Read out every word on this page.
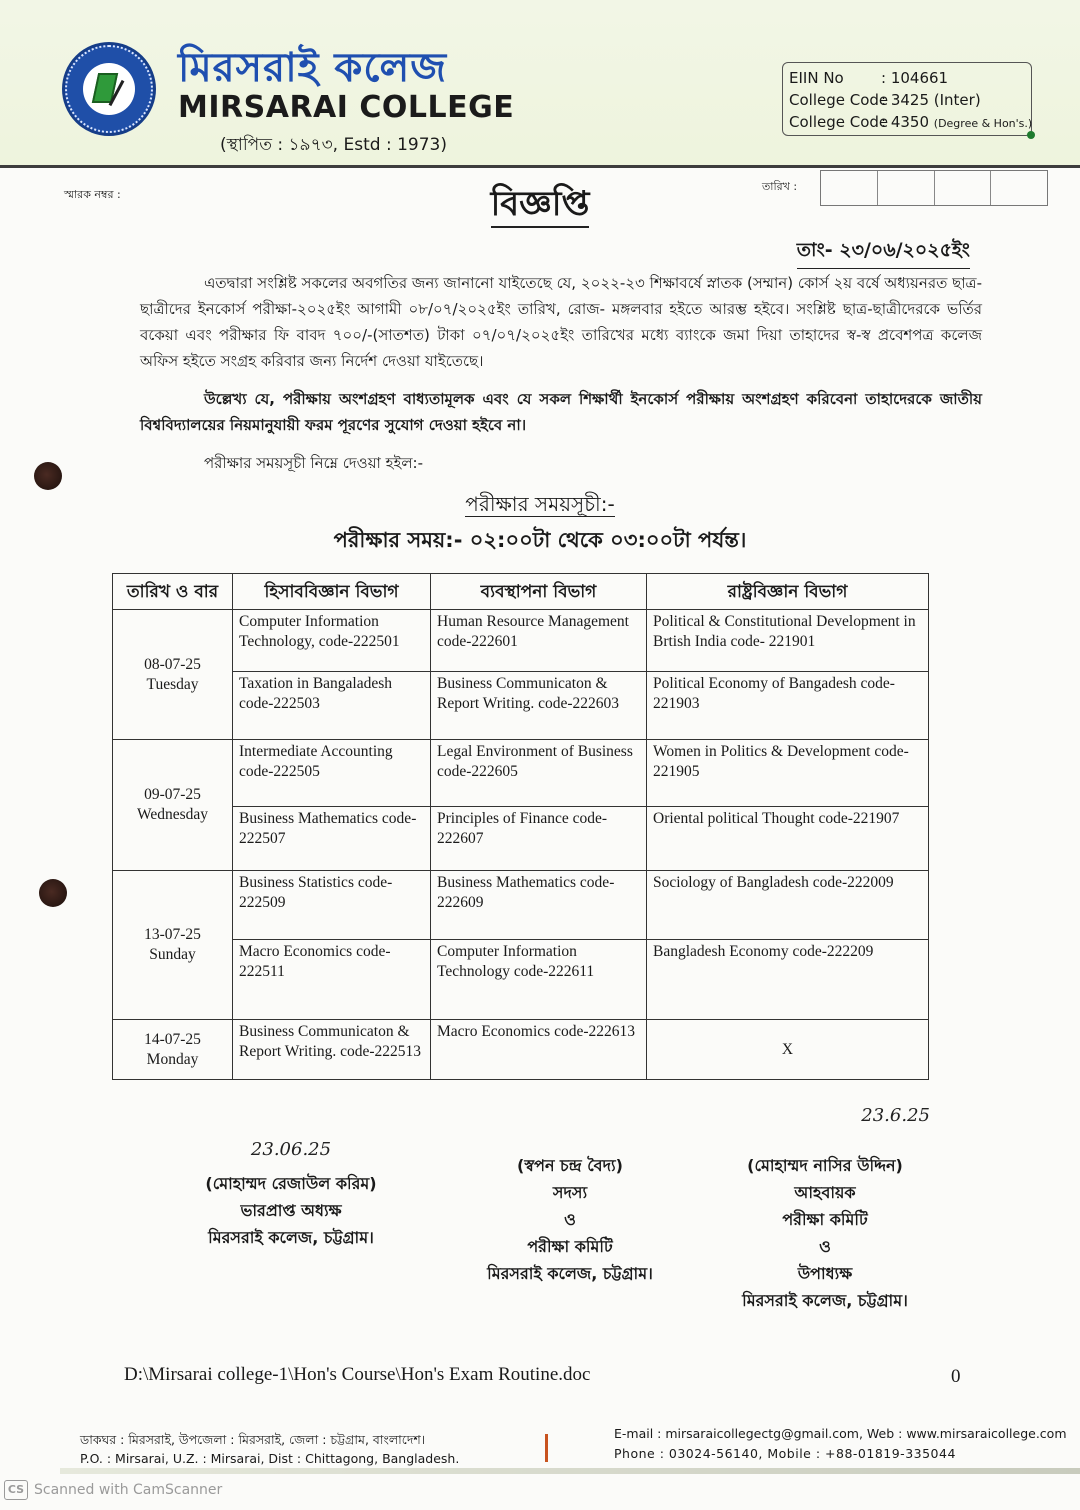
মিরসরাই কলেজ
MIRSARAI COLLEGE
(স্থাপিত : ১৯৭৩, Estd : 1973)
EIIN No : 104661
College Code: 3425 (Inter)
College Code: 4350 (Degree & Hon's.)
স্মারক নম্বর :
তারিখ :
বিজ্ঞপ্তি
তাং- ২৩/০৬/২০২৫ইং
এতদ্বারা সংশ্লিষ্ট সকলের অবগতির জন্য জানানো যাইতেছে যে, ২০২২-২৩ শিক্ষাবর্ষে স্নাতক (সম্মান) কোর্স ২য় বর্ষে অধ্যয়নরত ছাত্র-ছাত্রীদের ইনকোর্স পরীক্ষা-২০২৫ইং আগামী ০৮/০৭/২০২৫ইং তারিখ, রোজ- মঙ্গলবার হইতে আরম্ভ হইবে। সংশ্লিষ্ট ছাত্র-ছাত্রীদেরকে ভর্তির বকেয়া এবং পরীক্ষার ফি বাবদ ৭০০/-(সাতশত) টাকা ০৭/০৭/২০২৫ইং তারিখের মধ্যে ব্যাংকে জমা দিয়া তাহাদের স্ব-স্ব প্রবেশপত্র কলেজ অফিস হইতে সংগ্রহ করিবার জন্য নির্দেশ দেওয়া যাইতেছে।
উল্লেখ্য যে, পরীক্ষায় অংশগ্রহণ বাধ্যতামূলক এবং যে সকল শিক্ষার্থী ইনকোর্স পরীক্ষায় অংশগ্রহণ করিবেনা তাহাদেরকে জাতীয় বিশ্ববিদ্যালয়ের নিয়মানুযায়ী ফরম পূরণের সুযোগ দেওয়া হইবে না।
পরীক্ষার সময়সূচী নিম্নে দেওয়া হইল:-
পরীক্ষার সময়সূচী:-
পরীক্ষার সময়:- ০২:০০টা থেকে ০৩:০০টা পর্যন্ত।
তারিখ ও বার	হিসাববিজ্ঞান বিভাগ	ব্যবস্থাপনা বিভাগ	রাষ্ট্রবিজ্ঞান বিভাগ

08-07-25
Tuesday	Computer Information Technology, code-222501	Human Resource Management code-222601	Political & Constitutional Development in Brtish India code- 221901
	Taxation in Bangaladesh code-222503	Business Communicaton & Report Writing. code-222603	Political Economy of Bangadesh code-221903

09-07-25
Wednesday	Intermediate Accounting code-222505	Legal Environment of Business code-222605	Women in Politics & Development code- 221905
	Business Mathematics code-222507	Principles of Finance code-222607	Oriental political Thought code-221907

13-07-25
Sunday	Business Statistics code-222509	Business Mathematics code-222609	Sociology of Bangladesh code-222009
	Macro Economics code-222511	Computer Information Technology code-222611	Bangladesh Economy code-222209

14-07-25
Monday	Business Communicaton & Report Writing. code-222513	Macro Economics code-222613	X
23.06.25
(মোহাম্মদ রেজাউল করিম)
ভারপ্রাপ্ত অধ্যক্ষ
মিরসরাই কলেজ, চট্টগ্রাম।
(স্বপন চন্দ্র বৈদ্য)
সদস্য
ও
পরীক্ষা কমিটি
মিরসরাই কলেজ, চট্টগ্রাম।
23.6.25
(মোহাম্মদ নাসির উদ্দিন)
আহবায়ক
পরীক্ষা কমিটি
ও
উপাধ্যক্ষ
মিরসরাই কলেজ, চট্টগ্রাম।
D:\Mirsarai college-1\Hon's Course\Hon's Exam Routine.doc	0
ডাকঘর : মিরসরাই, উপজেলা : মিরসরাই, জেলা : চট্টগ্রাম, বাংলাদেশ।
P.O. : Mirsarai, U.Z. : Mirsarai, Dist : Chittagong, Bangladesh.
E-mail : mirsaraicollegectg@gmail.com, Web : www.mirsaraicollege.com
Phone : 03024-56140, Mobile : +88-01819-335044
CS Scanned with CamScanner
